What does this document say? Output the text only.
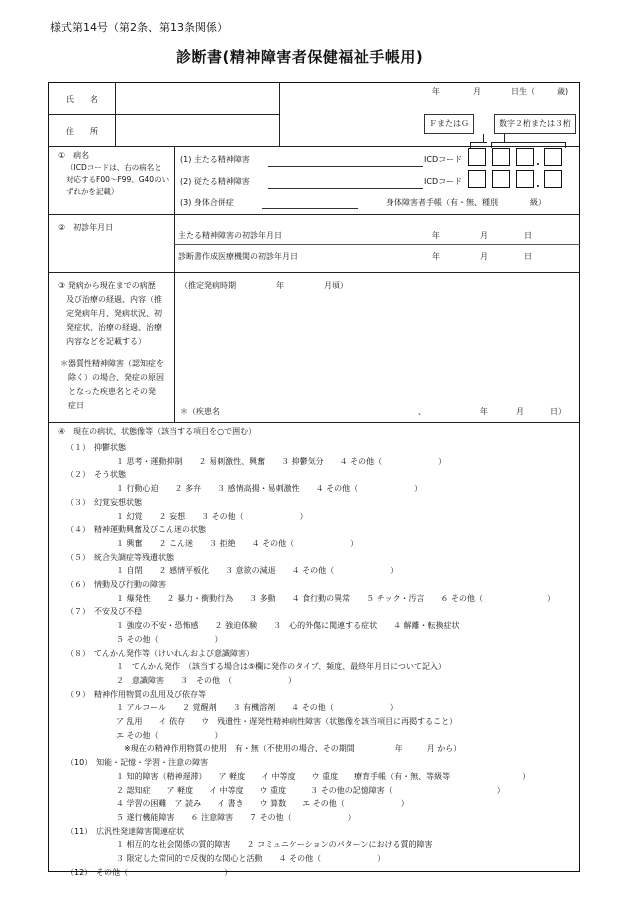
様式第14号（第2条、第13条関係）
診断書(精神障害者保健福祉手帳用)
氏　　名
住　　所
年	月	日生（	歳)
ＦまたはＧ	数字２桁または３桁
①　病名
（ICDコードは、右の病名と
対応するF00～F99、G40のい
ずれかを記載）
(1) 主たる精神障害	ICDコード
(2) 従たる精神障害	ICDコード
(3) 身体合併症	身体障害者手帳（有・無、種別　　　　級）
②　初診年月日
主たる精神障害の初診年月日	年	月	日
診断書作成医療機関の初診年月日	年	月	日
③ 発病から現在までの病歴
及び治療の経過、内容（推
定発病年月、発病状況、初
発症状、治療の経過、治療
内容などを記載する）
＊器質性精神障害（認知症を
除く）の場合、発症の原因
となった疾患名とその発
症日
（推定発病時期　　　　　年　　　　　月頃）
＊（疾患名	、	年	月	日）
④　現在の病状、状態像等（該当する項目を○で囲む）
（１）　抑鬱状態
１ 思考・運動抑制　　２ 易刺激性、興奮　　３ 抑鬱気分　　４ その他（　　　　　　　）
（２）　そう状態
１ 行動心迫　　２ 多弁　　３ 感情高揚・易刺激性　　４ その他（　　　　　　　）
（３）　幻覚妄想状態
１ 幻覚　　２ 妄想　　３ その他（　　　　　　　）
（４）　精神運動興奮及びこん迷の状態
１ 興奮　　２ こん迷　　３ 拒絶　　４ その他（　　　　　　　）
（５）　統合失調症等残遺状態
１ 自閉　　２ 感情平板化　　３ 意欲の減退　　４ その他（　　　　　　　）
（６）　情動及び行動の障害
１ 爆発性　　２ 暴力・衝動行為　　３ 多動　　４ 食行動の異常　　５ チック・汚言　　６ その他（　　　　　　　　）
（７）　不安及び不穏
１ 強度の不安・恐怖感　　２ 強迫体験　　３　心的外傷に関連する症状　　４ 解離・転換症状
５ その他（　　　　　　　）
（８）　てんかん発作等（けいれんおよび意識障害）
１　てんかん発作　（該当する場合は⑤欄に発作のタイプ、頻度、最終年月日について記入）
２　意識障害　　３　その他　（　　　　　　　）
（９）　精神作用物質の乱用及び依存等
１ アルコール　　２ 覚醒剤　　３ 有機溶剤　　４ その他（　　　　　　　）
ア 乱用　　イ 依存　　ウ　残遺性・遅発性精神病性障害（状態像を該当項目に再掲すること）
エ その他（　　　　　　　）
※現在の精神作用物質の使用　有・無（不使用の場合、その期間　　　　　年　　　月 から）
（10）　知能・記憶・学習・注意の障害
１ 知的障害（精神遅滞）　　ア 軽度　　イ 中等度　　ウ 重度　　療育手帳（有・無、等級等　　　　　　　　　）
２ 認知症　　ア 軽度　　イ 中等度　　ウ 重度　　　３ その他の記憶障害（　　　　　　　　　　　　　）
４ 学習の困難　ア 読み　　イ 書き　　ウ 算数　　エ その他（　　　　　　　）
５ 遂行機能障害　　６ 注意障害　　７ その他（　　　　　　　）
（11）　広汎性発達障害関連症状
１ 相互的な社会関係の質的障害　　２ コミュニケーションのパターンにおける質的障害
３ 限定した常同的で反復的な関心と活動　　４ その他（　　　　　　　）
（12）　その他（　　　　　　　　　　　　）
